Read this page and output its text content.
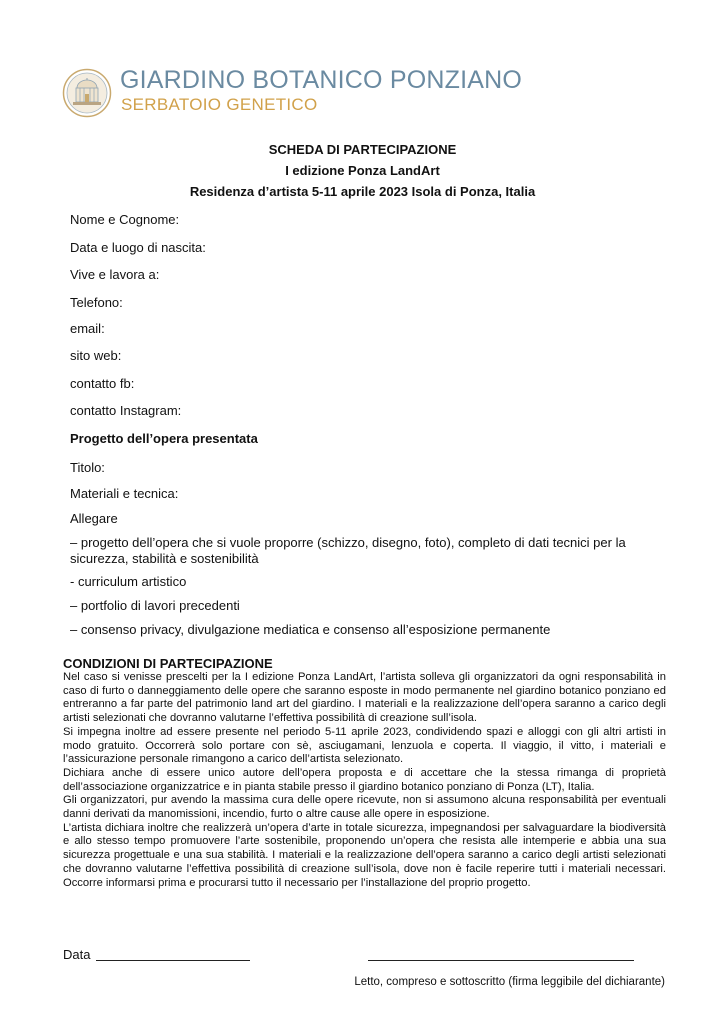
GIARDINO BOTANICO PONZIANO
SERBATOIO GENETICO
SCHEDA DI PARTECIPAZIONE
I edizione Ponza LandArt
Residenza d’artista 5-11 aprile 2023 Isola di Ponza, Italia
Nome e Cognome:
Data e luogo di nascita:
Vive e lavora a:
Telefono:
email:
sito web:
contatto fb:
contatto Instagram:
Progetto dell’opera presentata
Titolo:
Materiali e tecnica:
Allegare
– progetto dell’opera che si vuole proporre (schizzo, disegno, foto), completo di dati tecnici per la
sicurezza, stabilità e sostenibilità
- curriculum artistico
– portfolio di lavori precedenti
– consenso privacy, divulgazione mediatica e consenso all’esposizione permanente
CONDIZIONI DI PARTECIPAZIONE

Nel caso si venisse prescelti per la I edizione Ponza LandArt, l’artista solleva gli organizzatori da ogni responsabilità in caso di furto o danneggiamento delle opere che saranno esposte in modo permanente nel giardino botanico ponziano ed entreranno a far parte del patrimonio land art del giardino. I materiali e la realizzazione dell’opera saranno a carico degli artisti selezionati che dovranno valutarne l’effettiva possibilità di creazione sull’isola.

Si impegna inoltre ad essere presente nel periodo 5-11 aprile 2023, condividendo spazi e alloggi con gli altri artisti in modo gratuito. Occorrerà solo portare con sè, asciugamani, lenzuola e coperta. Il viaggio, il vitto, i materiali e l’assicurazione personale rimangono a carico dell’artista selezionato.

Dichiara anche di essere unico autore dell’opera proposta e di accettare che la stessa rimanga di proprietà dell’associazione organizzatrice e in pianta stabile presso il giardino botanico ponziano di Ponza (LT), Italia.

Gli organizzatori, pur avendo la massima cura delle opere ricevute, non si assumono alcuna responsabilità per eventuali danni derivati da manomissioni, incendio, furto o altre cause alle opere in esposizione.

L’artista dichiara inoltre che realizzerà un’opera d’arte in totale sicurezza, impegnandosi per salvaguardare la biodiversità e allo stesso tempo promuovere l’arte sostenibile, proponendo un’opera che resista alle intemperie e abbia una sua sicurezza progettuale e una sua stabilità. I materiali e la realizzazione dell’opera saranno a carico degli artisti selezionati che dovranno valutarne l’effettiva possibilità di creazione sull’isola, dove non è facile reperire tutti i materiali necessari. Occorre informarsi prima e procurarsi tutto il necessario per l’installazione del proprio progetto.

Data
Letto, compreso e sottoscritto (firma leggibile del dichiarante)
